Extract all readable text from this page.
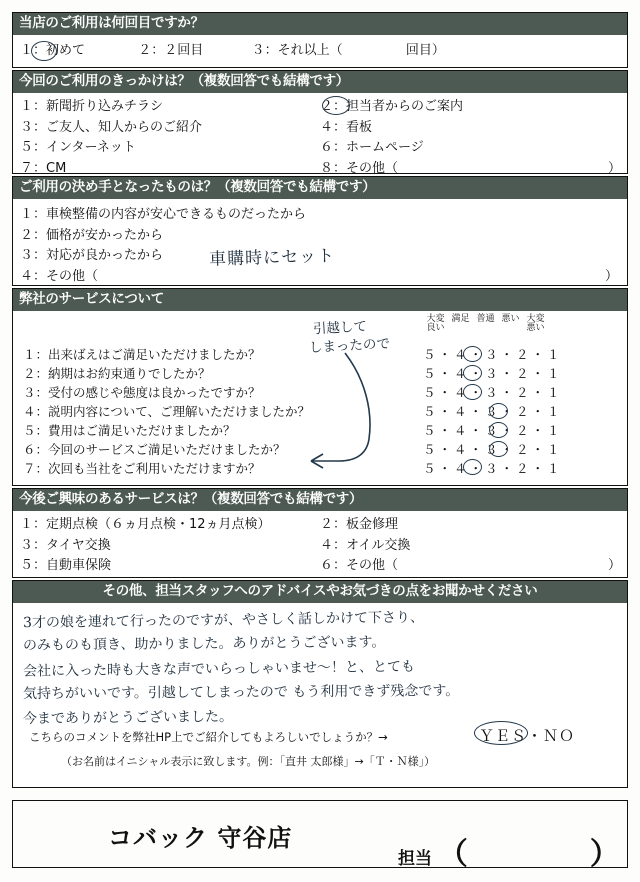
当店のご利用は何回目ですか？
１：初めて	２：２回目	３：それ以上（	回目）
今回のご利用のきっかけは？（複数回答でも結構です）
１：新聞折り込みチラシ
３：ご友人、知人からのご紹介
５：インターネット
７：CM
２：担当者からのご案内
４：看板
６：ホームページ
８：その他（	）
ご利用の決め手となったものは？（複数回答でも結構です）
１：車検整備の内容が安心できるものだったから
２：価格が安かったから
３：対応が良かったから
４：その他（	）
車購時にセット
弊社のサービスについて
大変 満足 普通 悪い 大変
良い	悪い
１：出来ばえはご満足いただけましたか？	５・４・３・２・１
２：納期はお約束通りでしたか？	５・４・３・２・１
３：受付の感じや態度は良かったですか？	５・４・３・２・１
４：説明内容について、ご理解いただけましたか？	５・４・３・２・１
５：費用はご満足いただけましたか？	５・４・３・２・１
６：今回のサービスご満足いただけましたか？	５・４・３・２・１
７：次回も当社をご利用いただけますか？	５・４・３・２・１
引越して
しまったので
今後ご興味のあるサービスは？（複数回答でも結構です）
１：定期点検（６ヵ月点検・12ヵ月点検）
３：タイヤ交換
５：自動車保険
２：板金修理
４：オイル交換
６：その他（	）
その他、担当スタッフへのアドバイスやお気づきの点をお聞かせください
3才の娘を連れて行ったのですが、やさしく話しかけて下さり、
のみものも頂き、助かりました。ありがとうございます。
会社に入った時も大きな声でいらっしゃいませ～！と、とても
気持ちがいいです。引越してしまったので もう利用できず残念です。
今までありがとうございました。
こちらのコメントを弊社HP上でご紹介してもよろしいでしょうか？→	ＹＥＳ・ＮＯ
（お名前はイニシャル表示に致します。例：「直井 太郎様」→「Ｔ・Ｎ様」）
コバック 守谷店
担当 （	）
